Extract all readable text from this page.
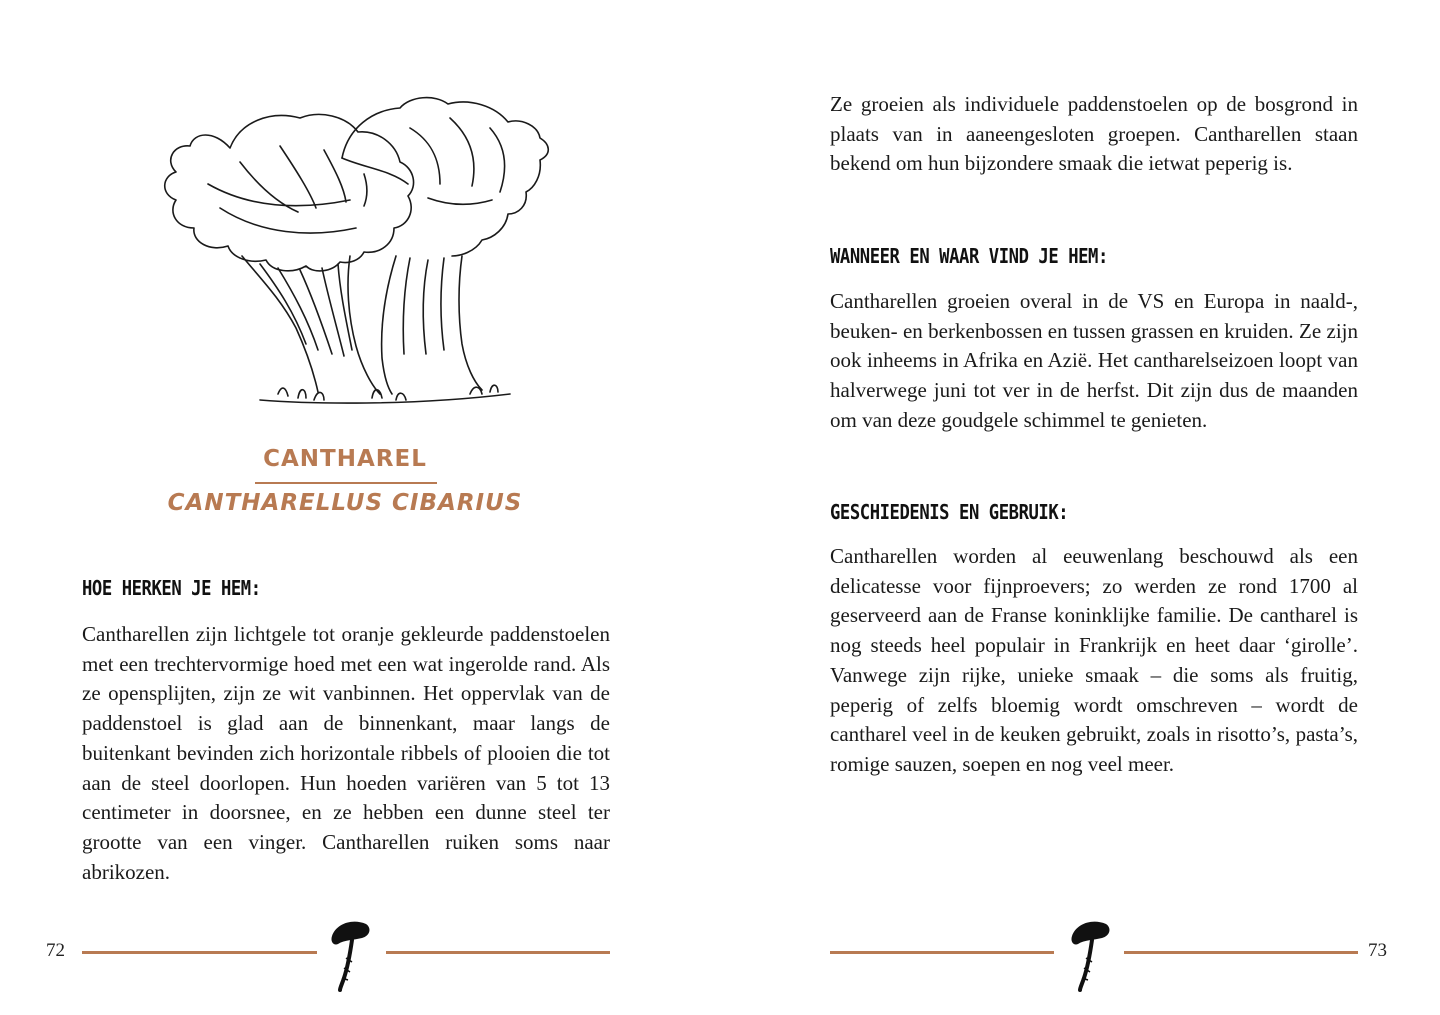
CANTHAREL
CANTHARELLUS CIBARIUS
HOE HERKEN JE HEM:

Cantharellen zijn lichtgele tot oranje gekleurde paddenstoelen met een trechtervormige hoed met een wat ingerolde rand. Als ze opensplijten, zijn ze wit vanbinnen. Het oppervlak van de paddenstoel is glad aan de binnenkant, maar langs de buitenkant bevinden zich horizontale ribbels of plooien die tot aan de steel doorlopen. Hun hoeden variëren van 5 tot 13 centimeter in doorsnee, en ze hebben een dunne steel ter grootte van een vinger. Cantharellen ruiken soms naar abrikozen.

72

Ze groeien als individuele paddenstoelen op de bosgrond in plaats van in aaneengesloten groepen. Cantharellen staan bekend om hun bijzondere smaak die ietwat peperig is.

WANNEER EN WAAR VIND JE HEM:

Cantharellen groeien overal in de VS en Europa in naald-, beuken- en berkenbossen en tussen grassen en kruiden. Ze zijn ook inheems in Afrika en Azië. Het cantharelseizoen loopt van halverwege juni tot ver in de herfst. Dit zijn dus de maanden om van deze goudgele schimmel te genieten.

GESCHIEDENIS EN GEBRUIK:

Cantharellen worden al eeuwenlang beschouwd als een delicatesse voor fijnproevers; zo werden ze rond 1700 al geserveerd aan de Franse koninklijke familie. De cantharel is nog steeds heel populair in Frankrijk en heet daar ‘girolle’. Vanwege zijn rijke, unieke smaak – die soms als fruitig, peperig of zelfs bloemig wordt omschreven – wordt de cantharel veel in de keuken gebruikt, zoals in risotto’s, pasta’s, romige sauzen, soepen en nog veel meer.

73
